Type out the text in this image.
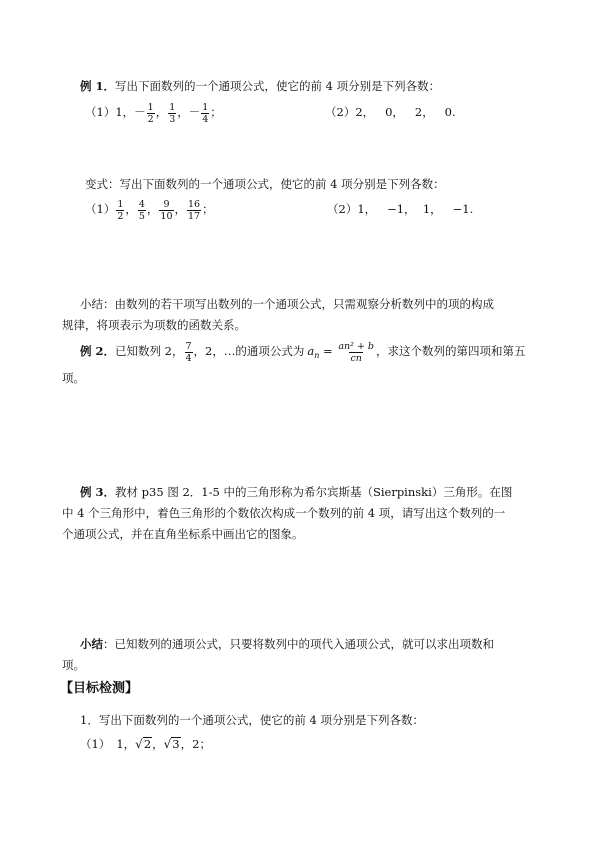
例 1．写出下面数列的一个通项公式，使它的前 4 项分别是下列各数：
（1）1，－ $\frac{1}{2}$ ， $\frac{1}{3}$ ，－ $\frac{1}{4}$ ；	（2）2，   0，   2，   0.
变式：写出下面数列的一个通项公式，使它的前 4 项分别是下列各数：
$(1) \frac{1}{2}$ ， $\frac{4}{5}$ ， $\frac{9}{10}$ ， $\frac{16}{17}$ ；	（2）1，   −1，  1，   −1.
小结：由数列的若干项写出数列的一个通项公式，只需观察分析数列中的项的构成
规律，将项表示为项数的函数关系。
例 2．已知数列 2， $\frac{7}{4}$ ，2，…的通项公式为 $a_n = \frac{\text{an² + b}}{cn}$ ，求这个数列的第四项和第五
项。
例 3．教材 p35 图 2．1-5 中的三角形称为希尔宾斯基（Sierpinski）三角形。在图
中 4 个三角形中，着色三角形的个数依次构成一个数列的前 4 项，请写出这个数列的一
个通项公式，并在直角坐标系中画出它的图象。
小结：已知数列的通项公式，只要将数列中的项代入通项公式，就可以求出项数和
项。
【目标检测】
1．写出下面数列的一个通项公式，使它的前 4 项分别是下列各数：
（1） 1， √ 2 ， √ 3 ，2；
